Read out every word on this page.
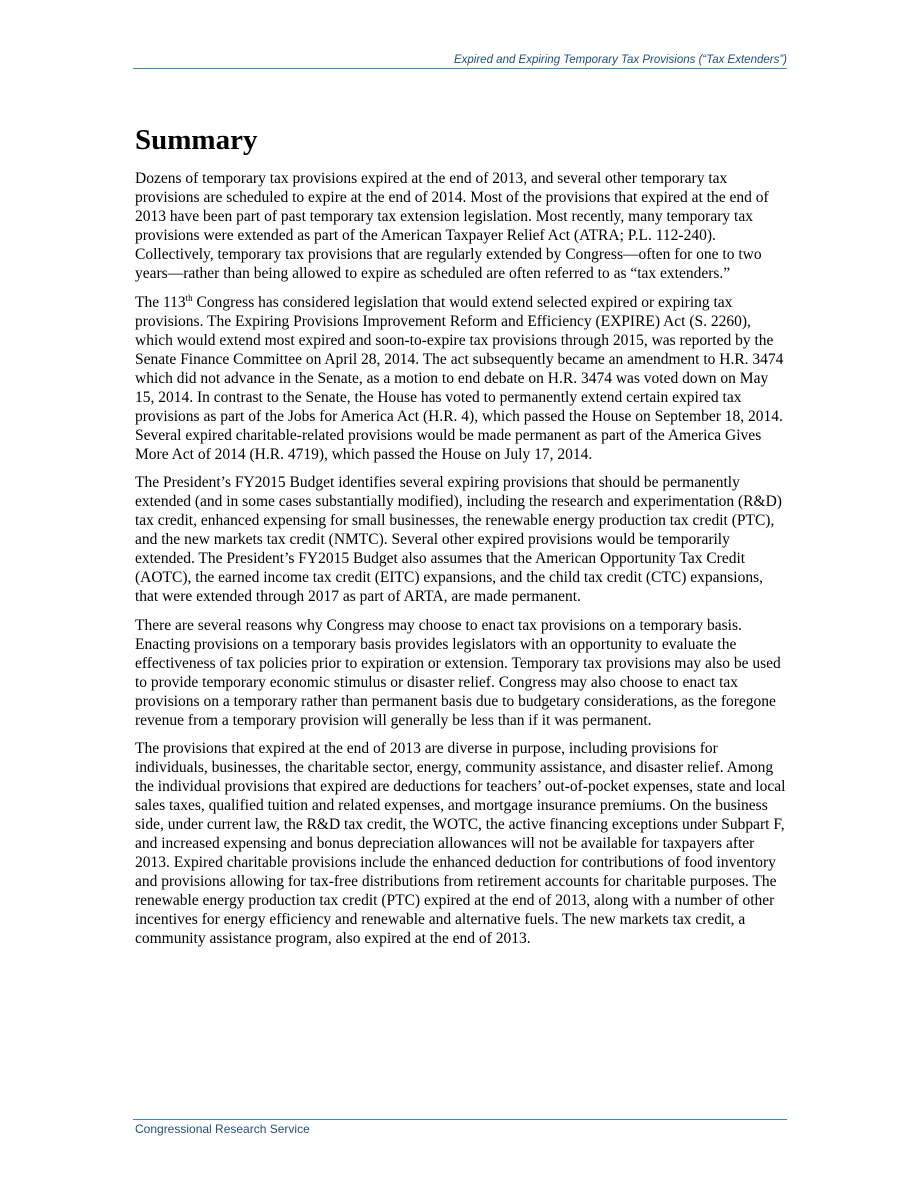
Expired and Expiring Temporary Tax Provisions (“Tax Extenders”)
Summary

Dozens of temporary tax provisions expired at the end of 2013, and several other temporary tax provisions are scheduled to expire at the end of 2014. Most of the provisions that expired at the end of 2013 have been part of past temporary tax extension legislation. Most recently, many temporary tax provisions were extended as part of the American Taxpayer Relief Act (ATRA; P.L. 112-240). Collectively, temporary tax provisions that are regularly extended by Congress—often for one to two years—rather than being allowed to expire as scheduled are often referred to as “tax extenders.”

The 113th Congress has considered legislation that would extend selected expired or expiring tax provisions. The Expiring Provisions Improvement Reform and Efficiency (EXPIRE) Act (S. 2260), which would extend most expired and soon-to-expire tax provisions through 2015, was reported by the Senate Finance Committee on April 28, 2014. The act subsequently became an amendment to H.R. 3474 which did not advance in the Senate, as a motion to end debate on H.R. 3474 was voted down on May 15, 2014. In contrast to the Senate, the House has voted to permanently extend certain expired tax provisions as part of the Jobs for America Act (H.R. 4), which passed the House on September 18, 2014. Several expired charitable-related provisions would be made permanent as part of the America Gives More Act of 2014 (H.R. 4719), which passed the House on July 17, 2014.

The President’s FY2015 Budget identifies several expiring provisions that should be permanently extended (and in some cases substantially modified), including the research and experimentation (R&D) tax credit, enhanced expensing for small businesses, the renewable energy production tax credit (PTC), and the new markets tax credit (NMTC). Several other expired provisions would be temporarily extended. The President’s FY2015 Budget also assumes that the American Opportunity Tax Credit (AOTC), the earned income tax credit (EITC) expansions, and the child tax credit (CTC) expansions, that were extended through 2017 as part of ARTA, are made permanent.

There are several reasons why Congress may choose to enact tax provisions on a temporary basis. Enacting provisions on a temporary basis provides legislators with an opportunity to evaluate the effectiveness of tax policies prior to expiration or extension. Temporary tax provisions may also be used to provide temporary economic stimulus or disaster relief. Congress may also choose to enact tax provisions on a temporary rather than permanent basis due to budgetary considerations, as the foregone revenue from a temporary provision will generally be less than if it was permanent.

The provisions that expired at the end of 2013 are diverse in purpose, including provisions for individuals, businesses, the charitable sector, energy, community assistance, and disaster relief. Among the individual provisions that expired are deductions for teachers’ out-of-pocket expenses, state and local sales taxes, qualified tuition and related expenses, and mortgage insurance premiums. On the business side, under current law, the R&D tax credit, the WOTC, the active financing exceptions under Subpart F, and increased expensing and bonus depreciation allowances will not be available for taxpayers after 2013. Expired charitable provisions include the enhanced deduction for contributions of food inventory and provisions allowing for tax-free distributions from retirement accounts for charitable purposes. The renewable energy production tax credit (PTC) expired at the end of 2013, along with a number of other incentives for energy efficiency and renewable and alternative fuels. The new markets tax credit, a community assistance program, also expired at the end of 2013.

Congressional Research Service
